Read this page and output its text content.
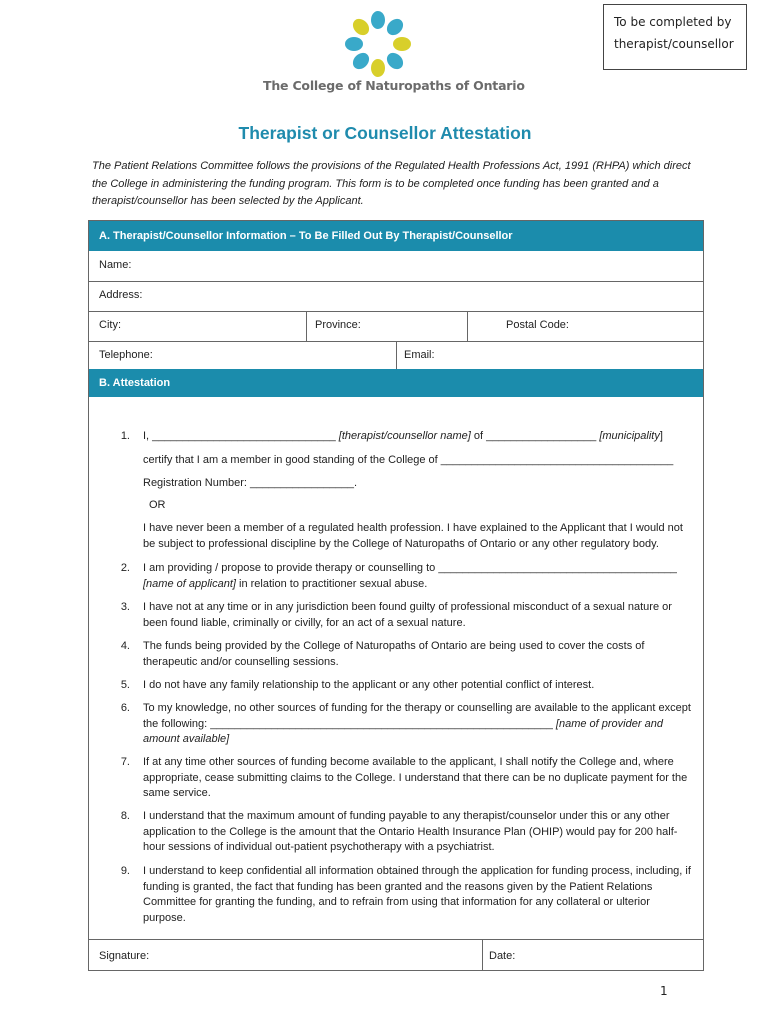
To be completed by therapist/counsellor
The College of Naturopaths of Ontario
Therapist or Counsellor Attestation
The Patient Relations Committee follows the provisions of the Regulated Health Professions Act, 1991 (RHPA) which direct the College in administering the funding program. This form is to be completed once funding has been granted and a therapist/counsellor has been selected by the Applicant.
A. Therapist/Counsellor Information – To Be Filled Out By Therapist/Counsellor
Name:
Address:
City:	Province:	Postal Code:
Telephone:	Email:
B. Attestation
1. I, ______________________________ [therapist/counsellor name] of __________________ [municipality]
certify that I am a member in good standing of the College of ______________________________________
Registration Number: _________________.
OR
I have never been a member of a regulated health profession. I have explained to the Applicant that I would not be subject to professional discipline by the College of Naturopaths of Ontario or any other regulatory body.
2. I am providing / propose to provide therapy or counselling to _______________________________________ [name of applicant] in relation to practitioner sexual abuse.
3. I have not at any time or in any jurisdiction been found guilty of professional misconduct of a sexual nature or been found liable, criminally or civilly, for an act of a sexual nature.
4. The funds being provided by the College of Naturopaths of Ontario are being used to cover the costs of therapeutic and/or counselling sessions.
5. I do not have any family relationship to the applicant or any other potential conflict of interest.
6. To my knowledge, no other sources of funding for the therapy or counselling are available to the applicant except the following: ________________________________________________________ [name of provider and amount available]
7. If at any time other sources of funding become available to the applicant, I shall notify the College and, where appropriate, cease submitting claims to the College. I understand that there can be no duplicate payment for the same service.
8. I understand that the maximum amount of funding payable to any therapist/counselor under this or any other application to the College is the amount that the Ontario Health Insurance Plan (OHIP) would pay for 200 half-hour sessions of individual out-patient psychotherapy with a psychiatrist.
9. I understand to keep confidential all information obtained through the application for funding process, including, if funding is granted, the fact that funding has been granted and the reasons given by the Patient Relations Committee for granting the funding, and to refrain from using that information for any collateral or ulterior purpose.
Signature:	Date:
1
